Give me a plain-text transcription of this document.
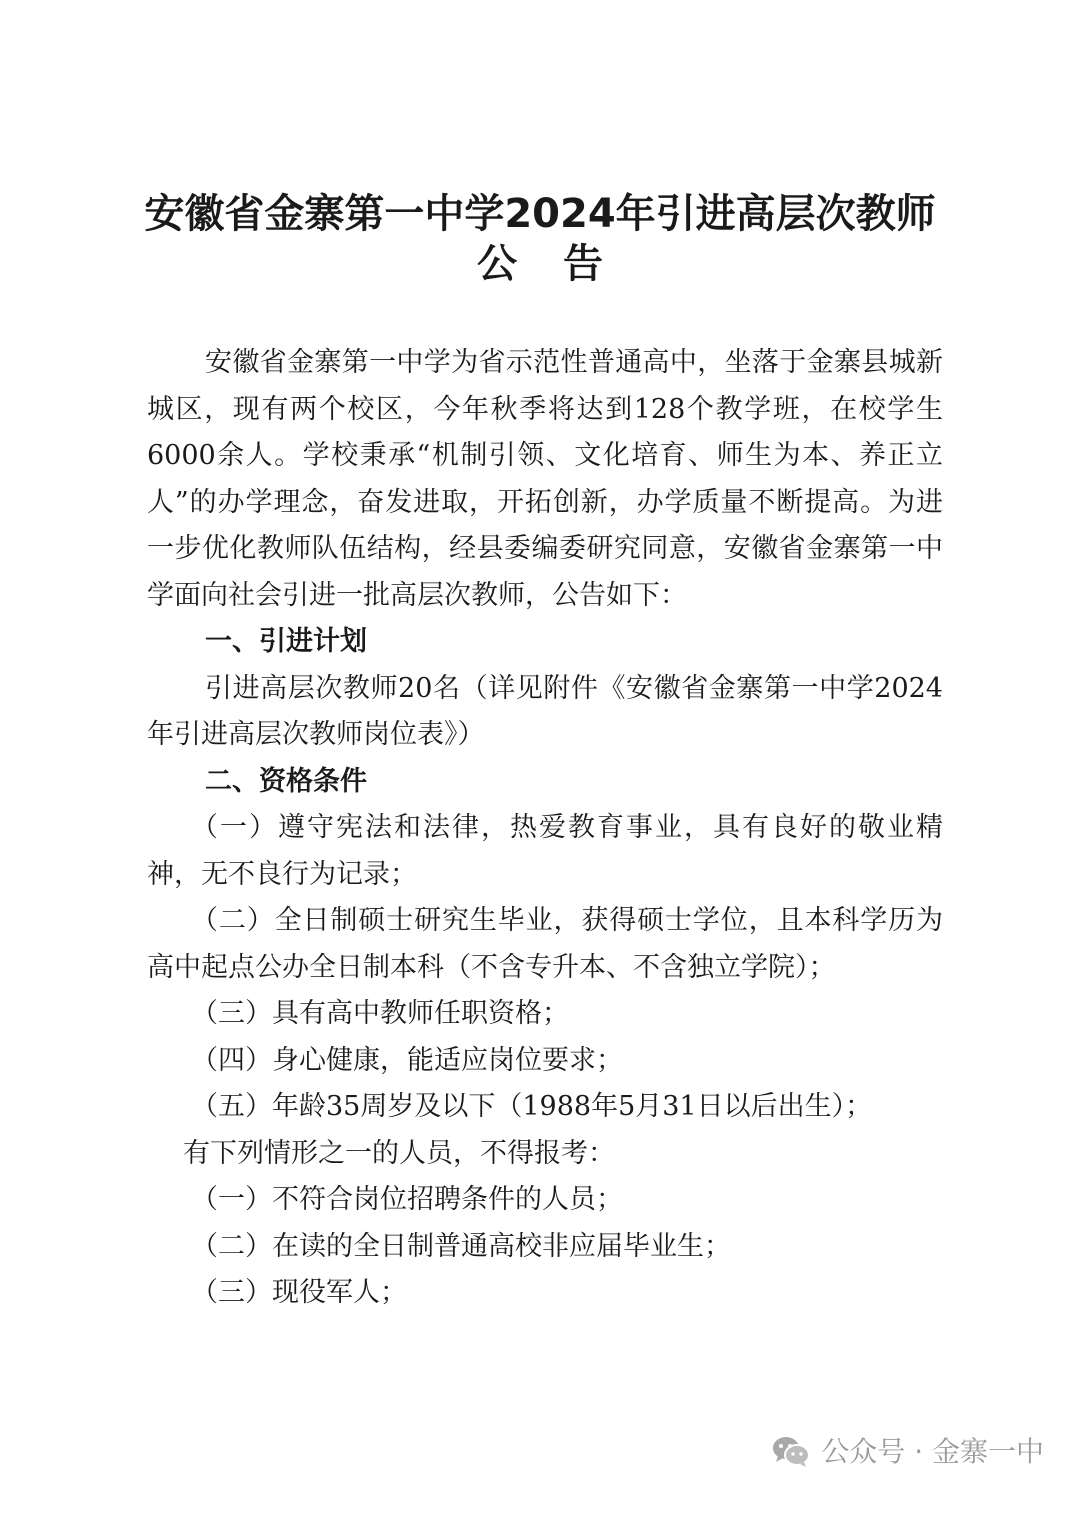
安徽省金寨第一中学2024年引进高层次教师
公告

安徽省金寨第一中学为省示范性普通高中，坐落于金寨县城新城区，现有两个校区，今年秋季将达到128个教学班，在校学生6000余人。学校秉承“机制引领、文化培育、师生为本、养正立人”的办学理念，奋发进取，开拓创新，办学质量不断提高。为进一步优化教师队伍结构，经县委编委研究同意，安徽省金寨第一中学面向社会引进一批高层次教师，公告如下：

一、引进计划

引进高层次教师20名（详见附件《安徽省金寨第一中学2024年引进高层次教师岗位表》）

二、资格条件

（一）遵守宪法和法律，热爱教育事业，具有良好的敬业精神，无不良行为记录；

（二）全日制硕士研究生毕业，获得硕士学位，且本科学历为高中起点公办全日制本科（不含专升本、不含独立学院）；

（三）具有高中教师任职资格；

（四）身心健康，能适应岗位要求；

（五）年龄35周岁及以下（1988年5月31日以后出生）；

有下列情形之一的人员，不得报考：

（一）不符合岗位招聘条件的人员；

（二）在读的全日制普通高校非应届毕业生；

（三）现役军人；

公众号 · 金寨一中
